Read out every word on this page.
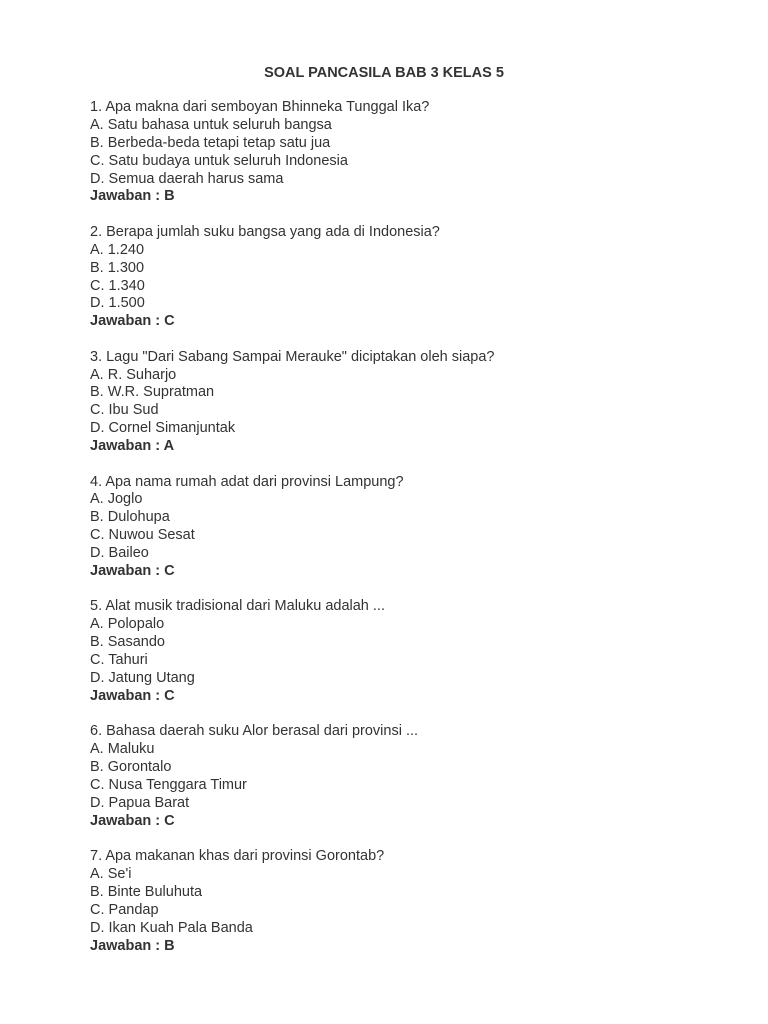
SOAL PANCASILA BAB 3 KELAS 5
1. Apa makna dari semboyan Bhinneka Tunggal Ika?
A. Satu bahasa untuk seluruh bangsa
B. Berbeda-beda tetapi tetap satu jua
C. Satu budaya untuk seluruh Indonesia
D. Semua daerah harus sama
Jawaban : B
2. Berapa jumlah suku bangsa yang ada di Indonesia?
A. 1.240
B. 1.300
C. 1.340
D. 1.500
Jawaban : C
3. Lagu "Dari Sabang Sampai Merauke" diciptakan oleh siapa?
A. R. Suharjo
B. W.R. Supratman
C. Ibu Sud
D. Cornel Simanjuntak
Jawaban : A
4. Apa nama rumah adat dari provinsi Lampung?
A. Joglo
B. Dulohupa
C. Nuwou Sesat
D. Baileo
Jawaban : C
5. Alat musik tradisional dari Maluku adalah ...
A. Polopalo
B. Sasando
C. Tahuri
D. Jatung Utang
Jawaban : C
6. Bahasa daerah suku Alor berasal dari provinsi ...
A. Maluku
B. Gorontalo
C. Nusa Tenggara Timur
D. Papua Barat
Jawaban : C
7. Apa makanan khas dari provinsi Gorontab?
A. Se'i
B. Binte Buluhuta
C. Pandap
D. Ikan Kuah Pala Banda
Jawaban : B
